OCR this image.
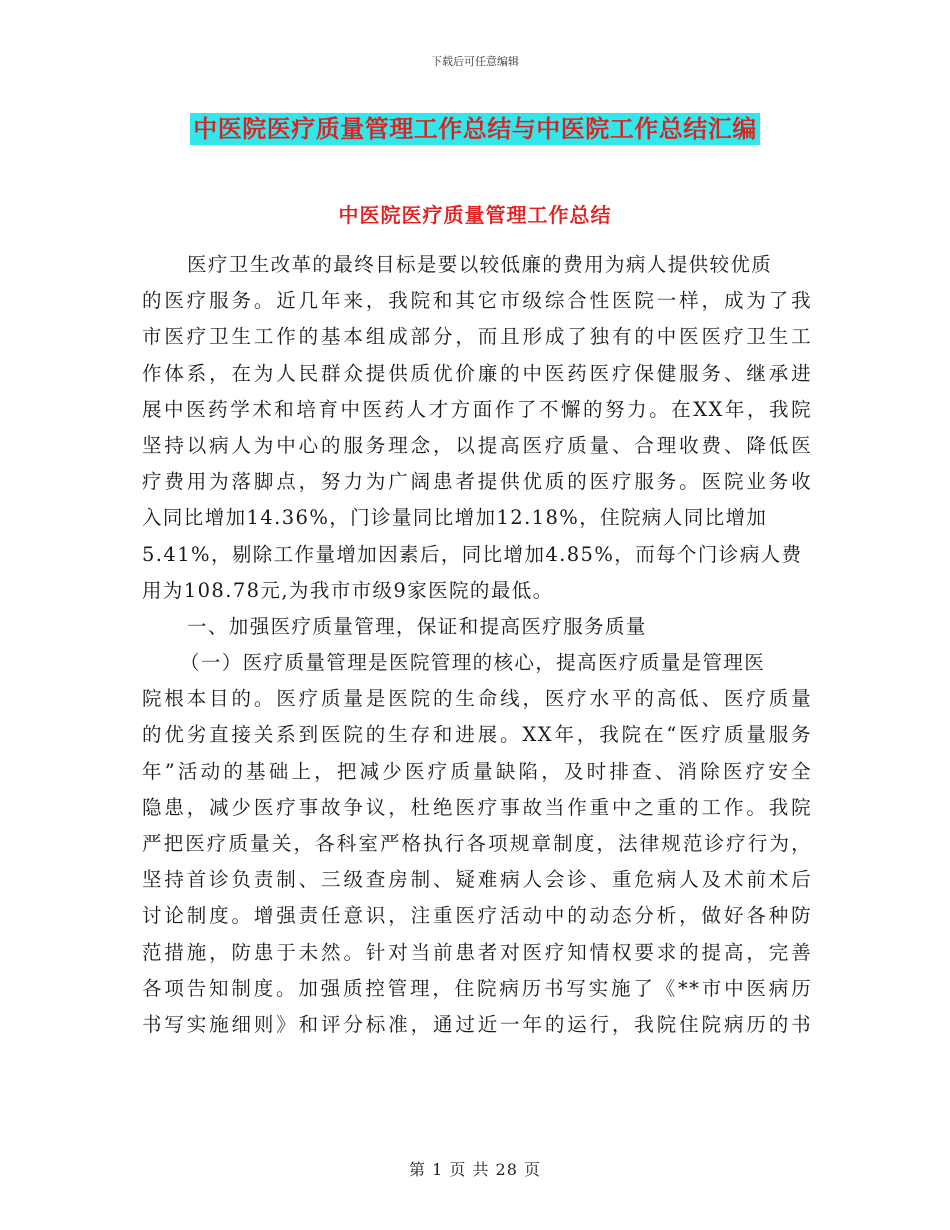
下载后可任意编辑
中医院医疗质量管理工作总结与中医院工作总结汇编
中医院医疗质量管理工作总结
医疗卫生改革的最终目标是要以较低廉的费用为病人提供较优质
的医疗服务。近几年来，我院和其它市级综合性医院一样，成为了我
市医疗卫生工作的基本组成部分，而且形成了独有的中医医疗卫生工
作体系，在为人民群众提供质优价廉的中医药医疗保健服务、继承进
展中医药学术和培育中医药人才方面作了不懈的努力。在XX年，我院
坚持以病人为中心的服务理念，以提高医疗质量、合理收费、降低医
疗费用为落脚点，努力为广阔患者提供优质的医疗服务。医院业务收
入同比增加14.36%，门诊量同比增加12.18%，住院病人同比增加
5.41%，剔除工作量增加因素后，同比增加4.85%，而每个门诊病人费
用为108.78元,为我市市级9家医院的最低。
一、加强医疗质量管理，保证和提高医疗服务质量
（一）医疗质量管理是医院管理的核心，提高医疗质量是管理医
院根本目的。医疗质量是医院的生命线，医疗水平的高低、医疗质量
的优劣直接关系到医院的生存和进展。XX年，我院在“医疗质量服务
年”活动的基础上，把减少医疗质量缺陷，及时排查、消除医疗安全
隐患，减少医疗事故争议，杜绝医疗事故当作重中之重的工作。我院
严把医疗质量关，各科室严格执行各项规章制度，法律规范诊疗行为，
坚持首诊负责制、三级查房制、疑难病人会诊、重危病人及术前术后
讨论制度。增强责任意识，注重医疗活动中的动态分析，做好各种防
范措施，防患于未然。针对当前患者对医疗知情权要求的提高，完善
各项告知制度。加强质控管理，住院病历书写实施了《**市中医病历
书写实施细则》和评分标准，通过近一年的运行，我院住院病历的书
第 1 页 共 28 页
